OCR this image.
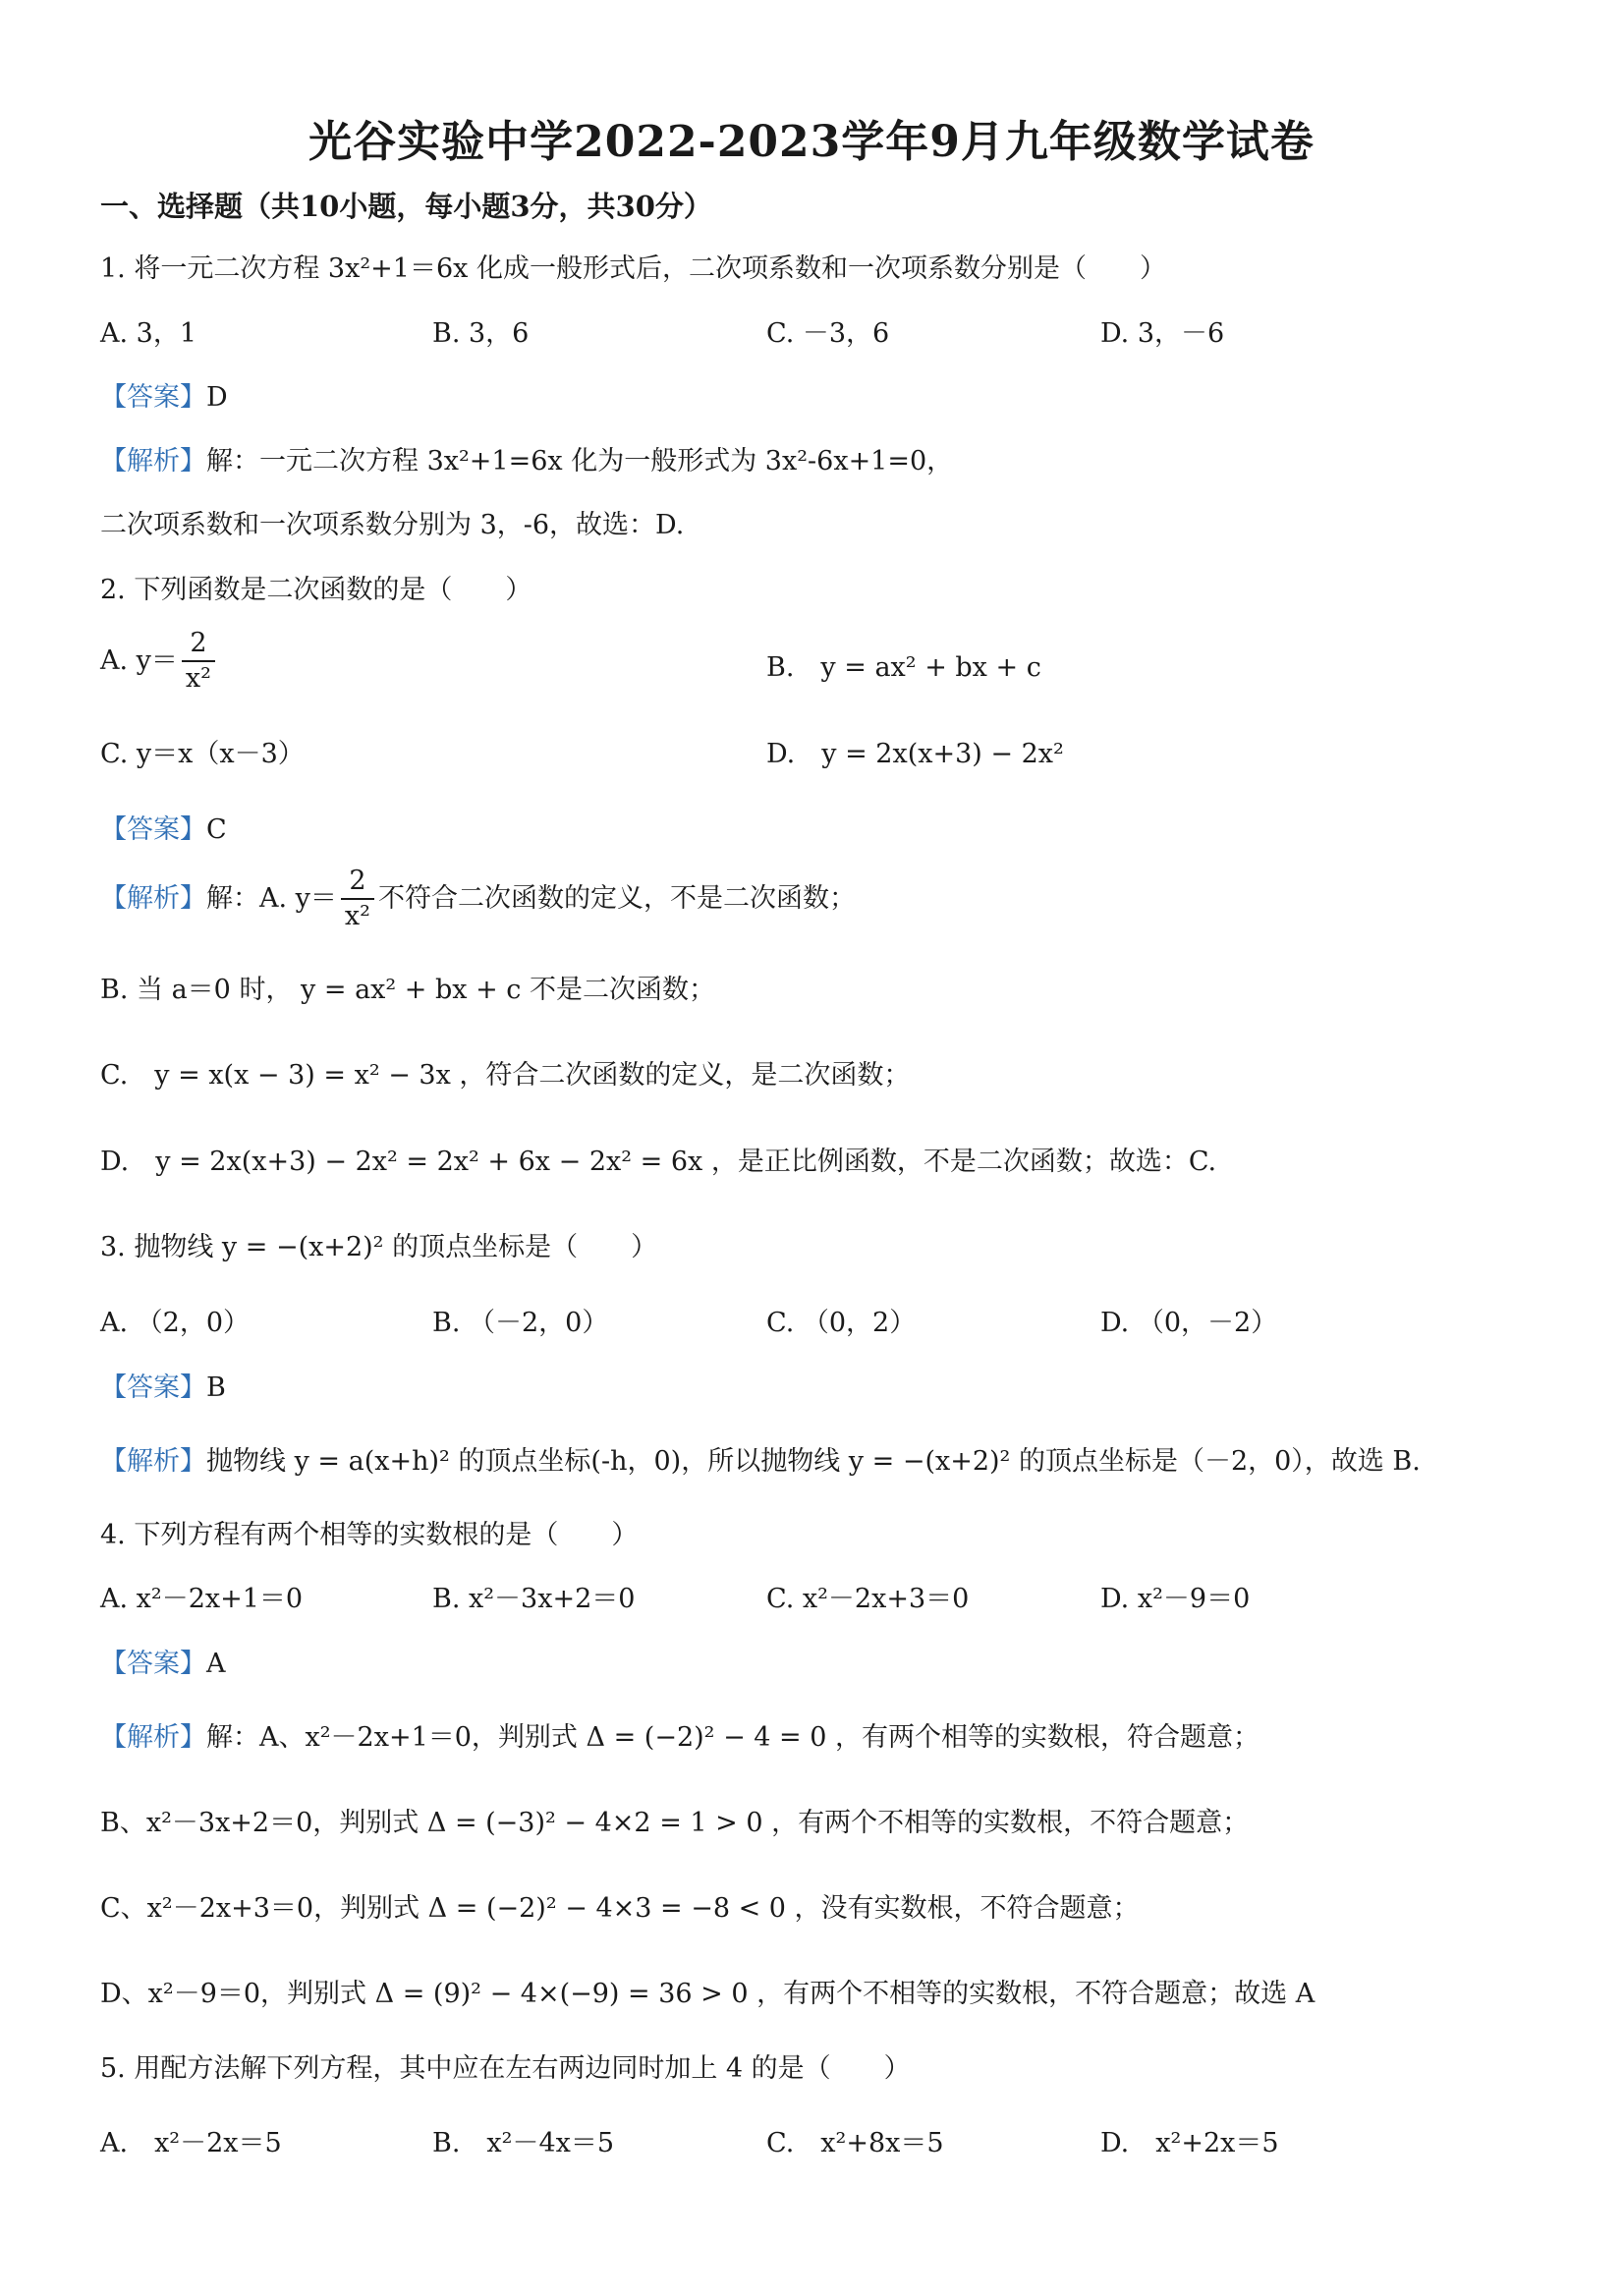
光谷实验中学2022-2023学年9月九年级数学试卷
一、选择题（共10小题，每小题3分，共30分）
1. 将一元二次方程 3x²+1＝6x 化成一般形式后，二次项系数和一次项系数分别是（　　）
A. 3，1	B. 3，6	C. －3，6	D. 3，－6
【答案】D
【解析】解：一元二次方程 3x²+1=6x 化为一般形式为 3x²-6x+1=0，
二次项系数和一次项系数分别为 3，-6，故选：D.
2. 下列函数是二次函数的是（　　）
A. $y= \frac{2}{\text{x²}}$	B.　y = ax² + bx + c
C. y＝x（x－3）	D.　y = 2x(x+3) − 2x²
【答案】C
【解析】解：A. $y= \frac{2}{\text{x²}}$ 不符合二次函数的定义，不是二次函数；
B. 当 a＝0 时， y = ax² + bx + c 不是二次函数；
C.　y = x(x − 3) = x² − 3x ，符合二次函数的定义，是二次函数；
D.　y = 2x(x+3) − 2x² = 2x² + 6x − 2x² = 6x ，是正比例函数，不是二次函数；故选：C.
3. 抛物线 y = −(x+2)² 的顶点坐标是（　　）
A. （2，0）	B. （－2，0）	C. （0，2）	D. （0，－2）
【答案】B
【解析】抛物线 y = a(x+h)² 的顶点坐标(-h，0)，所以抛物线 y = −(x+2)² 的顶点坐标是（－2，0），故选 B.
4. 下列方程有两个相等的实数根的是（　　）
A. x²－2x+1＝0	B. x²－3x+2＝0	C. x²－2x+3＝0	D. x²－9＝0
【答案】A
【解析】解：A、x²－2x+1＝0，判别式 Δ = (−2)² − 4 = 0 ，有两个相等的实数根，符合题意；
B、x²－3x+2＝0，判别式 Δ = (−3)² − 4×2 = 1 > 0 ，有两个不相等的实数根，不符合题意；
C、x²－2x+3＝0，判别式 Δ = (−2)² − 4×3 = −8 < 0 ，没有实数根，不符合题意；
D、x²－9＝0，判别式 Δ = (9)² − 4×(−9) = 36 > 0 ，有两个不相等的实数根，不符合题意；故选 A
5. 用配方法解下列方程，其中应在左右两边同时加上 4 的是（　　）
A.　x²－2x＝5	B.　x²－4x＝5	C.　x²+8x＝5	D.　x²+2x＝5
